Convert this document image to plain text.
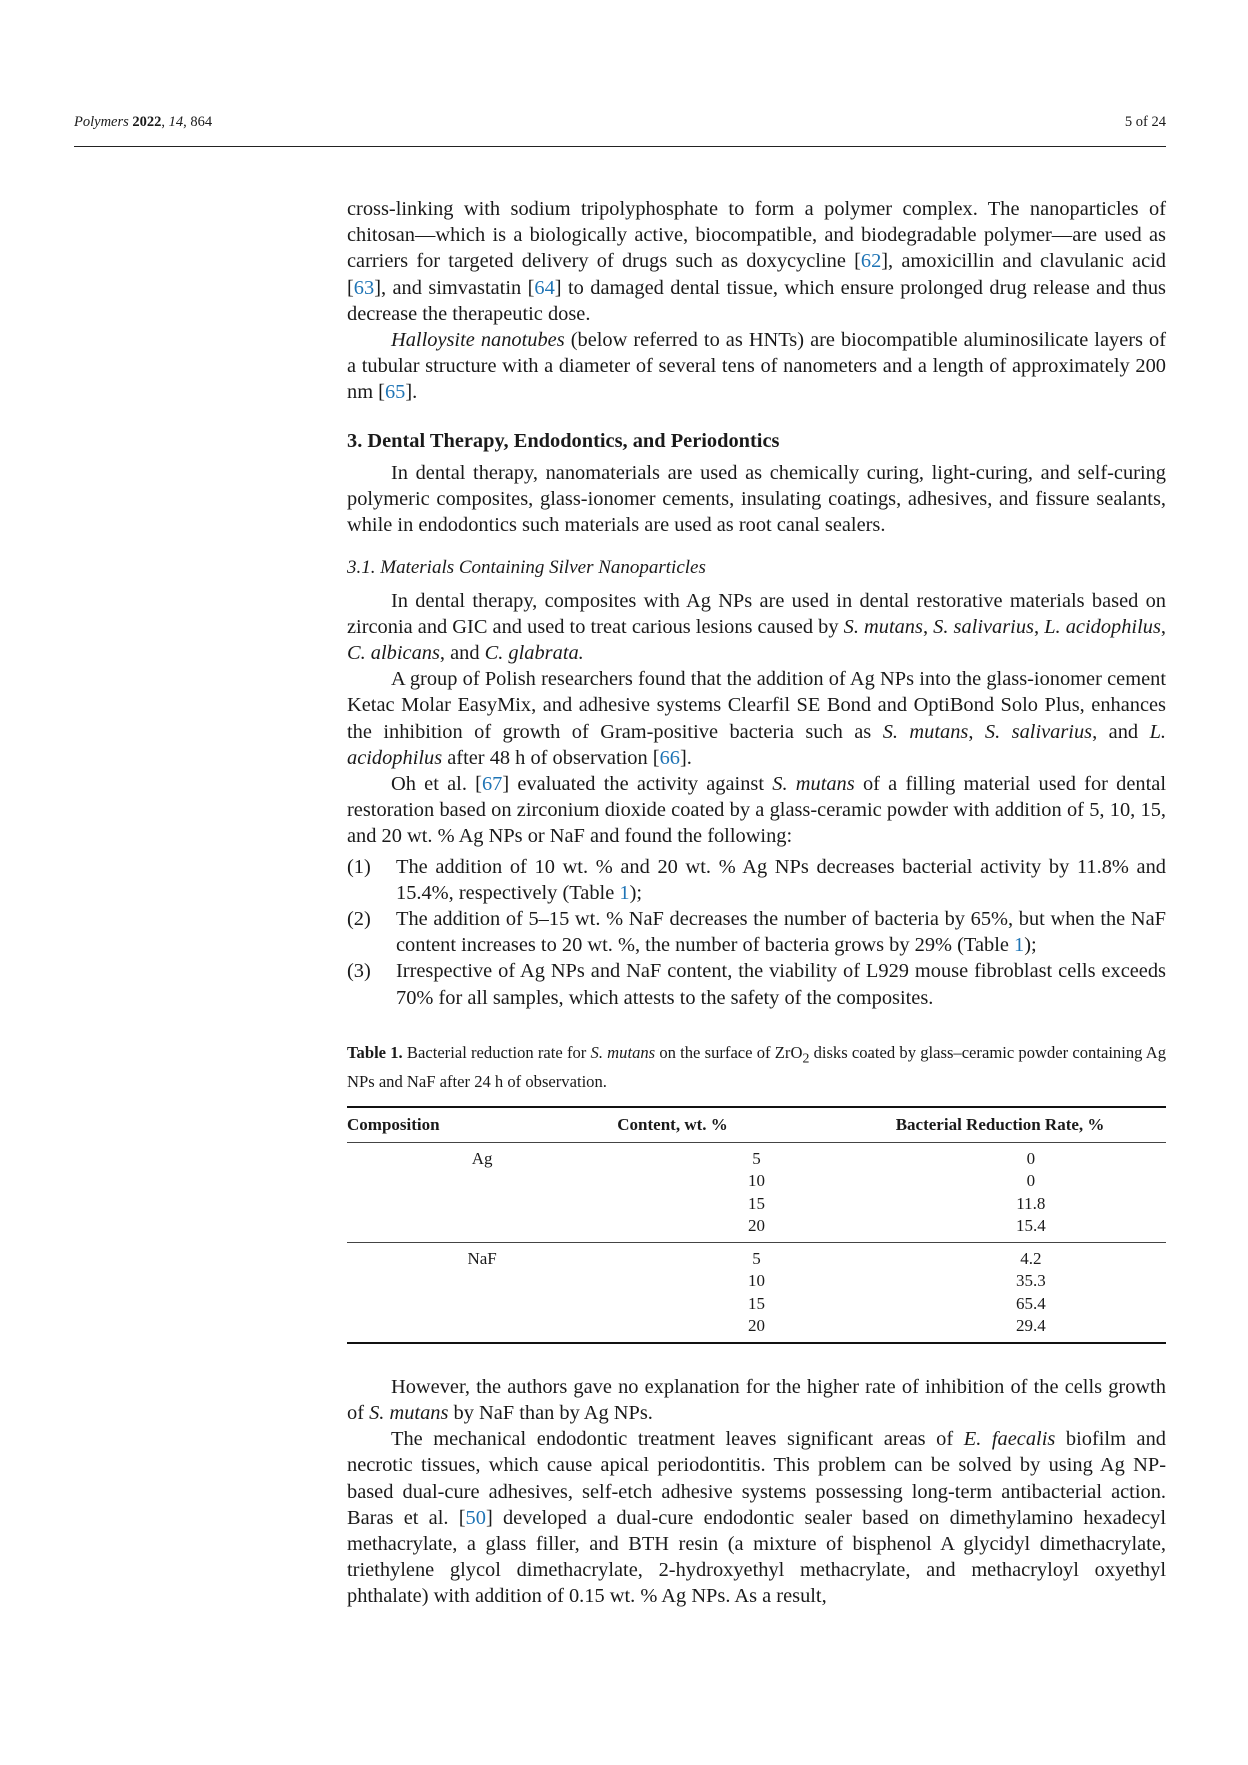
Polymers 2022, 14, 864	5 of 24

cross-linking with sodium tripolyphosphate to form a polymer complex. The nanoparticles of chitosan—which is a biologically active, biocompatible, and biodegradable polymer—are used as carriers for targeted delivery of drugs such as doxycycline [62], amoxicillin and clavulanic acid [63], and simvastatin [64] to damaged dental tissue, which ensure prolonged drug release and thus decrease the therapeutic dose.

Halloysite nanotubes (below referred to as HNTs) are biocompatible aluminosilicate layers of a tubular structure with a diameter of several tens of nanometers and a length of approximately 200 nm [65].

3. Dental Therapy, Endodontics, and Periodontics

In dental therapy, nanomaterials are used as chemically curing, light-curing, and self-curing polymeric composites, glass-ionomer cements, insulating coatings, adhesives, and fissure sealants, while in endodontics such materials are used as root canal sealers.

3.1. Materials Containing Silver Nanoparticles

In dental therapy, composites with Ag NPs are used in dental restorative materials based on zirconia and GIC and used to treat carious lesions caused by S. mutans, S. salivarius, L. acidophilus, C. albicans, and C. glabrata.

A group of Polish researchers found that the addition of Ag NPs into the glass-ionomer cement Ketac Molar EasyMix, and adhesive systems Clearfil SE Bond and OptiBond Solo Plus, enhances the inhibition of growth of Gram-positive bacteria such as S. mutans, S. salivarius, and L. acidophilus after 48 h of observation [66].

Oh et al. [67] evaluated the activity against S. mutans of a filling material used for dental restoration based on zirconium dioxide coated by a glass-ceramic powder with addition of 5, 10, 15, and 20 wt. % Ag NPs or NaF and found the following:

(1)	The addition of 10 wt. % and 20 wt. % Ag NPs decreases bacterial activity by 11.8% and 15.4%, respectively (Table 1);
(2)	The addition of 5–15 wt. % NaF decreases the number of bacteria by 65%, but when the NaF content increases to 20 wt. %, the number of bacteria grows by 29% (Table 1);
(3)	Irrespective of Ag NPs and NaF content, the viability of L929 mouse fibroblast cells exceeds 70% for all samples, which attests to the safety of the composites.

Table 1. Bacterial reduction rate for S. mutans on the surface of ZrO$_2$ disks coated by glass–ceramic powder containing Ag NPs and NaF after 24 h of observation.

Composition	Content, wt. %	Bacterial Reduction Rate, %
Ag	5	0
	10	0
	15	11.8
	20	15.4
NaF	5	4.2
	10	35.3
	15	65.4
	20	29.4

However, the authors gave no explanation for the higher rate of inhibition of the cells growth of S. mutans by NaF than by Ag NPs.

The mechanical endodontic treatment leaves significant areas of E. faecalis biofilm and necrotic tissues, which cause apical periodontitis. This problem can be solved by using Ag NP-based dual-cure adhesives, self-etch adhesive systems possessing long-term antibacterial action. Baras et al. [50] developed a dual-cure endodontic sealer based on dimethylamino hexadecyl methacrylate, a glass filler, and BTH resin (a mixture of bisphenol A glycidyl dimethacrylate, triethylene glycol dimethacrylate, 2-hydroxyethyl methacrylate, and methacryloyl oxyethyl phthalate) with addition of 0.15 wt. % Ag NPs. As a result,
